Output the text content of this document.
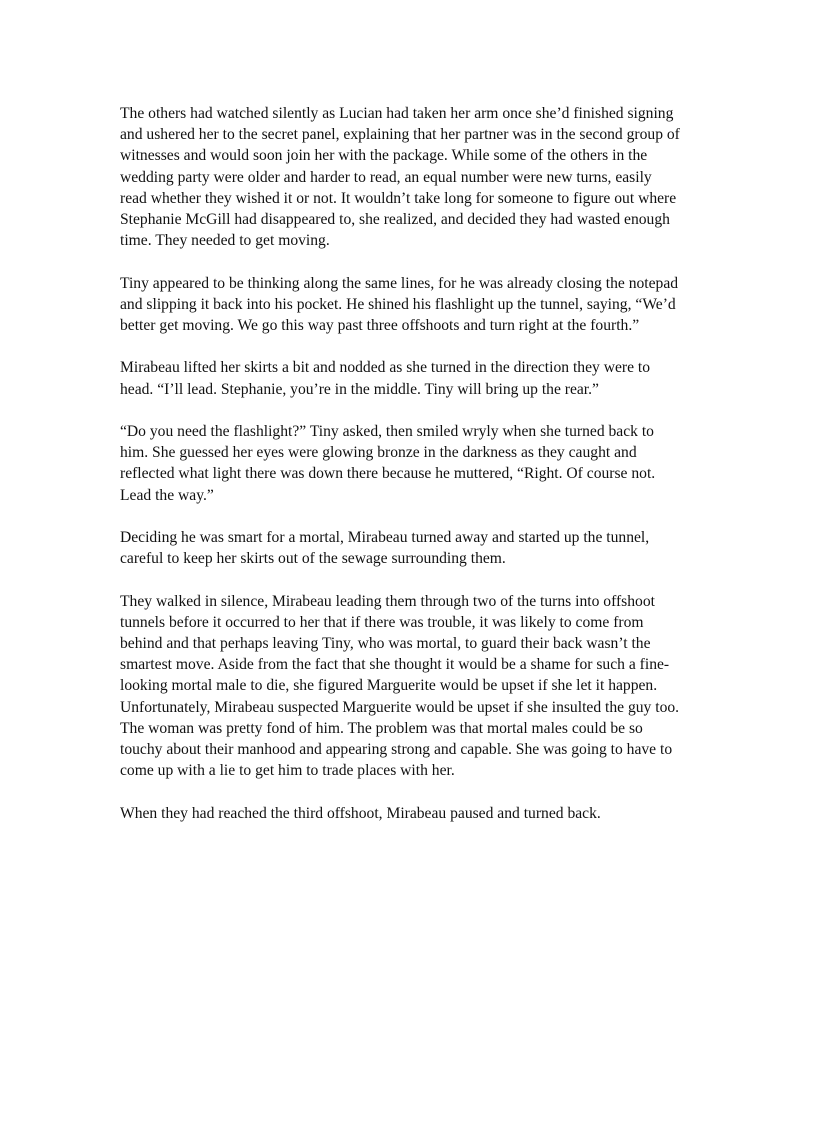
The others had watched silently as Lucian had taken her arm once she’d finished signing
and ushered her to the secret panel, explaining that her partner was in the second group of
witnesses and would soon join her with the package. While some of the others in the
wedding party were older and harder to read, an equal number were new turns, easily
read whether they wished it or not. It wouldn’t take long for someone to figure out where
Stephanie McGill had disappeared to, she realized, and decided they had wasted enough
time. They needed to get moving.

Tiny appeared to be thinking along the same lines, for he was already closing the notepad
and slipping it back into his pocket. He shined his flashlight up the tunnel, saying, “We’d
better get moving. We go this way past three offshoots and turn right at the fourth.”

Mirabeau lifted her skirts a bit and nodded as she turned in the direction they were to
head. “I’ll lead. Stephanie, you’re in the middle. Tiny will bring up the rear.”

“Do you need the flashlight?” Tiny asked, then smiled wryly when she turned back to
him. She guessed her eyes were glowing bronze in the darkness as they caught and
reflected what light there was down there because he muttered, “Right. Of course not.
Lead the way.”

Deciding he was smart for a mortal, Mirabeau turned away and started up the tunnel,
careful to keep her skirts out of the sewage surrounding them.

They walked in silence, Mirabeau leading them through two of the turns into offshoot
tunnels before it occurred to her that if there was trouble, it was likely to come from
behind and that perhaps leaving Tiny, who was mortal, to guard their back wasn’t the
smartest move. Aside from the fact that she thought it would be a shame for such a fine-
looking mortal male to die, she figured Marguerite would be upset if she let it happen.
Unfortunately, Mirabeau suspected Marguerite would be upset if she insulted the guy too.
The woman was pretty fond of him. The problem was that mortal males could be so
touchy about their manhood and appearing strong and capable. She was going to have to
come up with a lie to get him to trade places with her.

When they had reached the third offshoot, Mirabeau paused and turned back.
